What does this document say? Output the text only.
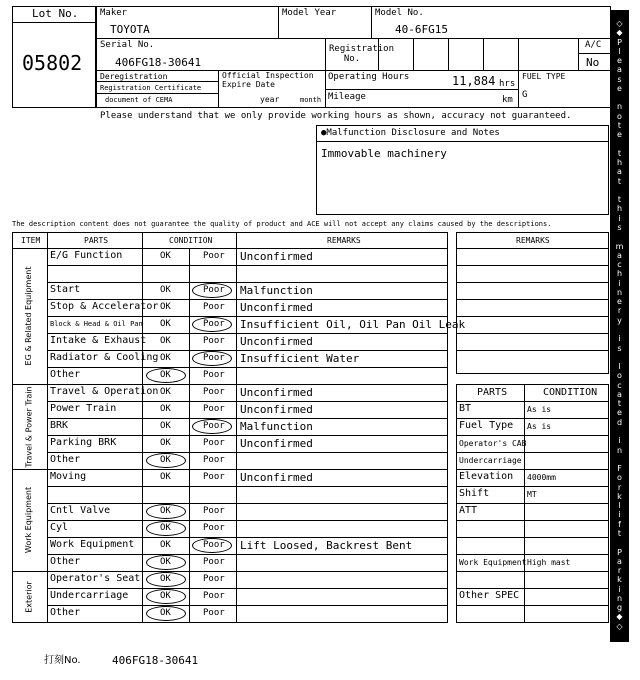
Lot No.
05802
Maker
TOYOTA
Model Year	Model No.
40-6FG15
Serial No.
406FG18-30641
Registration No.
A/C
No
Deregistration
Registration Certificate
document of CEMA
Official Inspection
Expire Date
year	month
Operating Hours	11,884 hrs
Mileage	km
FUEL TYPE
G
Please understand that we only provide working hours as shown, accuracy not guaranteed.
●Malfunction Disclosure and Notes
Immovable machinery
The description content does not guarantee the quality of product and ACE will not accept any claims caused by the descriptions.
ITEM	PARTS	CONDITION	REMARKS	REMARKS
PARTS	CONDITION
◇
◆
P
l
e
a
s
e
n
o
t
e
t
h
a
t
t
h
i
s
m
a
c
h
i
n
e
r
y
i
s
l
o
c
a
t
e
d
i
n
F
o
r
k
l
i
f
t
P
a
r
k
i
n
g
◆
◇
打刻No.	406FG18-30641
E/G Function	OK	Poor Unconfirmed
Start	OK	Poor Malfunction
Stop & Accelerator OK	Poor Unconfirmed
Block & Head & Oil Pan OK	Poor Insufficient Oil, Oil Pan Oil Leak
Intake & Exhaust OK	Poor Unconfirmed
Radiator & Cooling OK	Poor Insufficient Water
Other	OK	Poor
EG & Related Equipment
Travel & Operation OK	Poor Unconfirmed
Power Train	OK	Poor Unconfirmed
BRK	OK	Poor Malfunction
Parking BRK	OK	Poor Unconfirmed
Other	OK	Poor
Travel & Power Train
Moving	OK	Poor Unconfirmed
Cntl Valve	OK	Poor
Cyl	OK	Poor
Work Equipment	OK	Poor Lift Loosed, Backrest Bent
Other	OK	Poor
Work Equipment
Operator's Seat OK	Poor
Undercarriage	OK	Poor
Other	OK	Poor
Exterior
BT	As is
Fuel Type As is
Operator's CAB
Undercarriage
Elevation 4000mm
Shift	MT
ATT
Work Equipment High mast
Other SPEC
